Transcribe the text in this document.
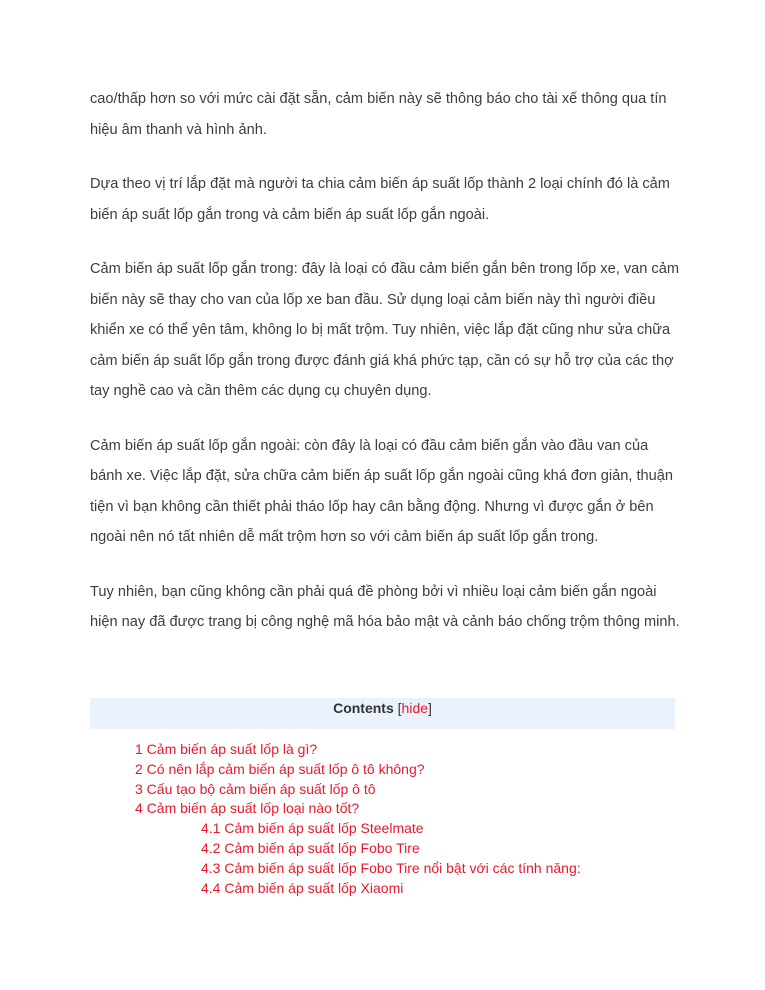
cao/thấp hơn so với mức cài đặt sẵn, cảm biến này sẽ thông báo cho tài xế thông qua tín hiệu âm thanh và hình ảnh.

Dựa theo vị trí lắp đặt mà người ta chia cảm biến áp suất lốp thành 2 loại chính đó là cảm biến áp suất lốp gắn trong và cảm biến áp suất lốp gắn ngoài.

Cảm biến áp suất lốp gắn trong: đây là loại có đầu cảm biến gắn bên trong lốp xe, van cảm biến này sẽ thay cho van của lốp xe ban đầu. Sử dụng loại cảm biến này thì người điều khiển xe có thể yên tâm, không lo bị mất trộm. Tuy nhiên, việc lắp đặt cũng như sửa chữa cảm biến áp suất lốp gắn trong được đánh giá khá phức tạp, cần có sự hỗ trợ của các thợ tay nghề cao và cần thêm các dụng cụ chuyên dụng.

Cảm biến áp suất lốp gắn ngoài: còn đây là loại có đầu cảm biến gắn vào đầu van của bánh xe. Việc lắp đặt, sửa chữa cảm biến áp suất lốp gắn ngoài cũng khá đơn giản, thuận tiện vì bạn không cần thiết phải tháo lốp hay cân bằng động. Nhưng vì được gắn ở bên ngoài nên nó tất nhiên dễ mất trộm hơn so với cảm biến áp suất lốp gắn trong.

Tuy nhiên, bạn cũng không cần phải quá đề phòng bởi vì nhiều loại cảm biến gắn ngoài hiện nay đã được trang bị công nghệ mã hóa bảo mật và cảnh báo chống trộm thông minh.

Contents [hide]
1 Cảm biến áp suất lốp là gì?
2 Có nên lắp cảm biến áp suất lốp ô tô không?
3 Cấu tạo bộ cảm biến áp suất lốp ô tô
4 Cảm biến áp suất lốp loại nào tốt?
4.1 Cảm biến áp suất lốp Steelmate
4.2 Cảm biến áp suất lốp Fobo Tire
4.3 Cảm biến áp suất lốp Fobo Tire nổi bật với các tính năng:
4.4 Cảm biến áp suất lốp Xiaomi
